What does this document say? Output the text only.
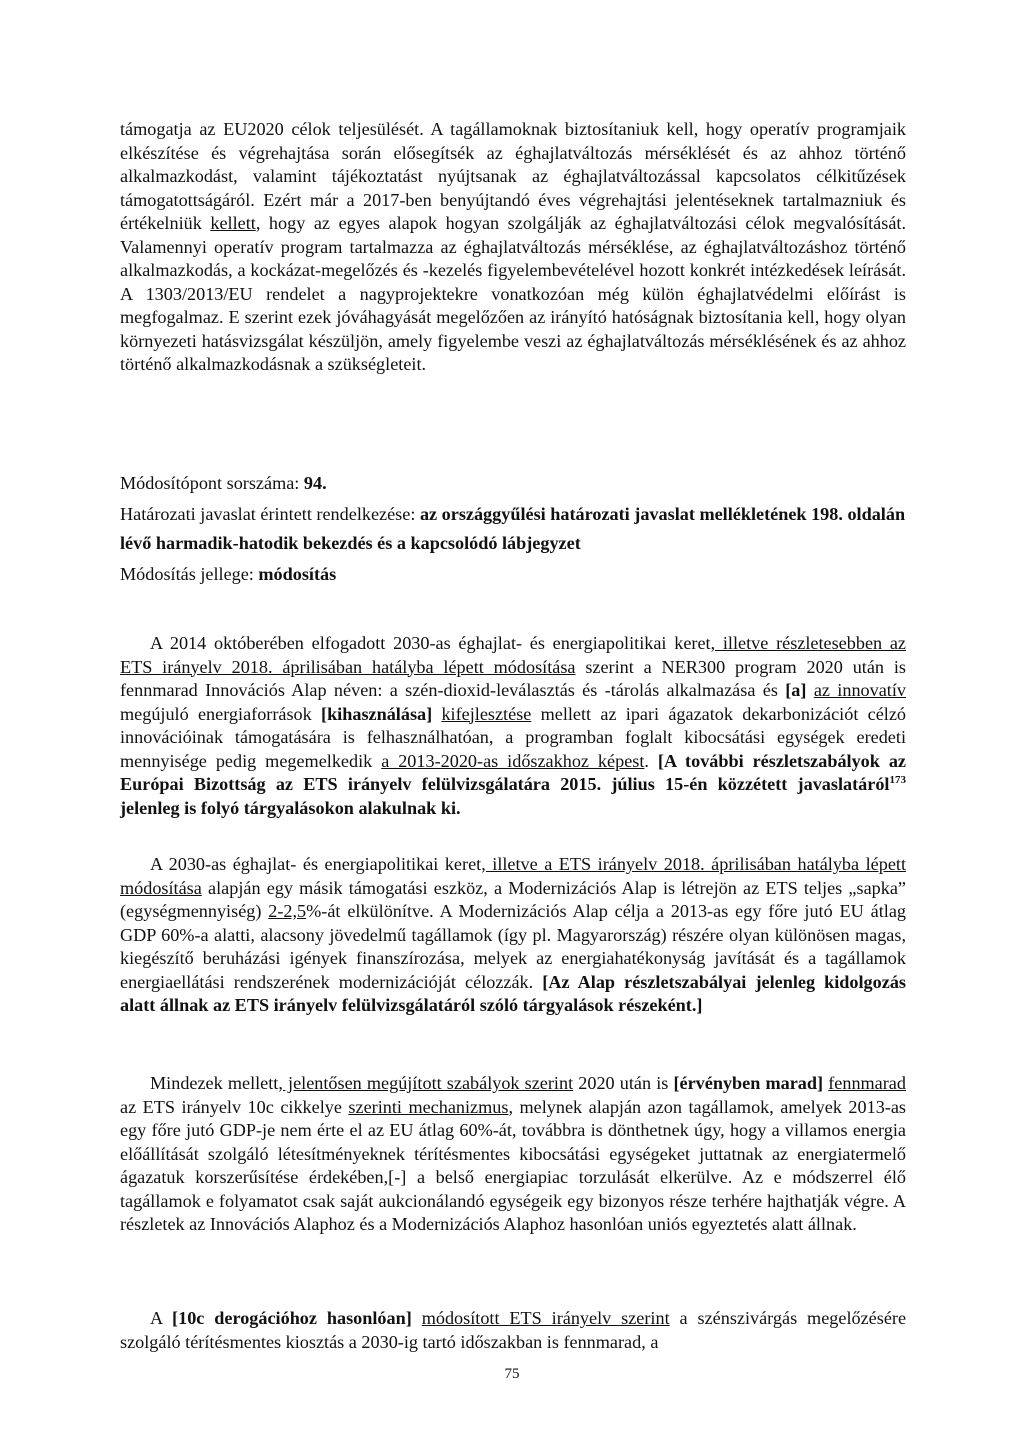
támogatja az EU2020 célok teljesülését. A tagállamoknak biztosítaniuk kell, hogy operatív programjaik elkészítése és végrehajtása során elősegítsék az éghajlatváltozás mérséklését és az ahhoz történő alkalmazkodást, valamint tájékoztatást nyújtsanak az éghajlatváltozással kapcsolatos célkitűzések támogatottságáról. Ezért már a 2017-ben benyújtandó éves végrehajtási jelentéseknek tartalmazniuk és értékelniük kellett, hogy az egyes alapok hogyan szolgálják az éghajlatváltozási célok megvalósítását. Valamennyi operatív program tartalmazza az éghajlatváltozás mérséklése, az éghajlatváltozáshoz történő alkalmazkodás, a kockázat-megelőzés és -kezelés figyelembevételével hozott konkrét intézkedések leírását. A 1303/2013/EU rendelet a nagyprojektekre vonatkozóan még külön éghajlatvédelmi előírást is megfogalmaz. E szerint ezek jóváhagyását megelőzően az irányító hatóságnak biztosítania kell, hogy olyan környezeti hatásvizsgálat készüljön, amely figyelembe veszi az éghajlatváltozás mérséklésének és az ahhoz történő alkalmazkodásnak a szükségleteit.

Módosítópont sorszáma: 94.

Határozati javaslat érintett rendelkezése: az országgyűlési határozati javaslat mellékletének 198. oldalán lévő harmadik-hatodik bekezdés és a kapcsolódó lábjegyzet

Módosítás jellege: módosítás

A 2014 októberében elfogadott 2030-as éghajlat- és energiapolitikai keret, illetve részletesebben az ETS irányelv 2018. áprilisában hatályba lépett módosítása szerint a NER300 program 2020 után is fennmarad Innovációs Alap néven: a szén-dioxid-leválasztás és -tárolás alkalmazása és [a] az innovatív megújuló energiaforrások [kihasználása] kifejlesztése mellett az ipari ágazatok dekarbonizációt célzó innovációinak támogatására is felhasználhatóan, a programban foglalt kibocsátási egységek eredeti mennyisége pedig megemelkedik a 2013-2020-as időszakhoz képest. [A további részletszabályok az Európai Bizottság az ETS irányelv felülvizsgálatára 2015. július 15-én közzétett javaslatáról$^{173}$ jelenleg is folyó tárgyalásokon alakulnak ki.

A 2030-as éghajlat- és energiapolitikai keret, illetve a ETS irányelv 2018. áprilisában hatályba lépett módosítása alapján egy másik támogatási eszköz, a Modernizációs Alap is létrejön az ETS teljes „sapka” (egységmennyiség) 2-2,5%-át elkülönítve. A Modernizációs Alap célja a 2013-as egy főre jutó EU átlag GDP 60%-a alatti, alacsony jövedelmű tagállamok (így pl. Magyarország) részére olyan különösen magas, kiegészítő beruházási igények finanszírozása, melyek az energiahatékonyság javítását és a tagállamok energiaellátási rendszerének modernizációját célozzák. [Az Alap részletszabályai jelenleg kidolgozás alatt állnak az ETS irányelv felülvizsgálatáról szóló tárgyalások részeként.]

Mindezek mellett, jelentősen megújított szabályok szerint 2020 után is [érvényben marad] fennmarad az ETS irányelv 10c cikkelye szerinti mechanizmus, melynek alapján azon tagállamok, amelyek 2013-as egy főre jutó GDP-je nem érte el az EU átlag 60%-át, továbbra is dönthetnek úgy, hogy a villamos energia előállítását szolgáló létesítményeknek térítésmentes kibocsátási egységeket juttatnak az energiatermelő ágazatuk korszerűsítése érdekében,[-] a belső energiapiac torzulását elkerülve. Az e módszerrel élő tagállamok e folyamatot csak saját aukcionálandó egységeik egy bizonyos része terhére hajthatják végre. A részletek az Innovációs Alaphoz és a Modernizációs Alaphoz hasonlóan uniós egyeztetés alatt állnak.

A [10c derogációhoz hasonlóan] módosított ETS irányelv szerint a szénszivárgás megelőzésére szolgáló térítésmentes kiosztás a 2030-ig tartó időszakban is fennmarad, a

75
